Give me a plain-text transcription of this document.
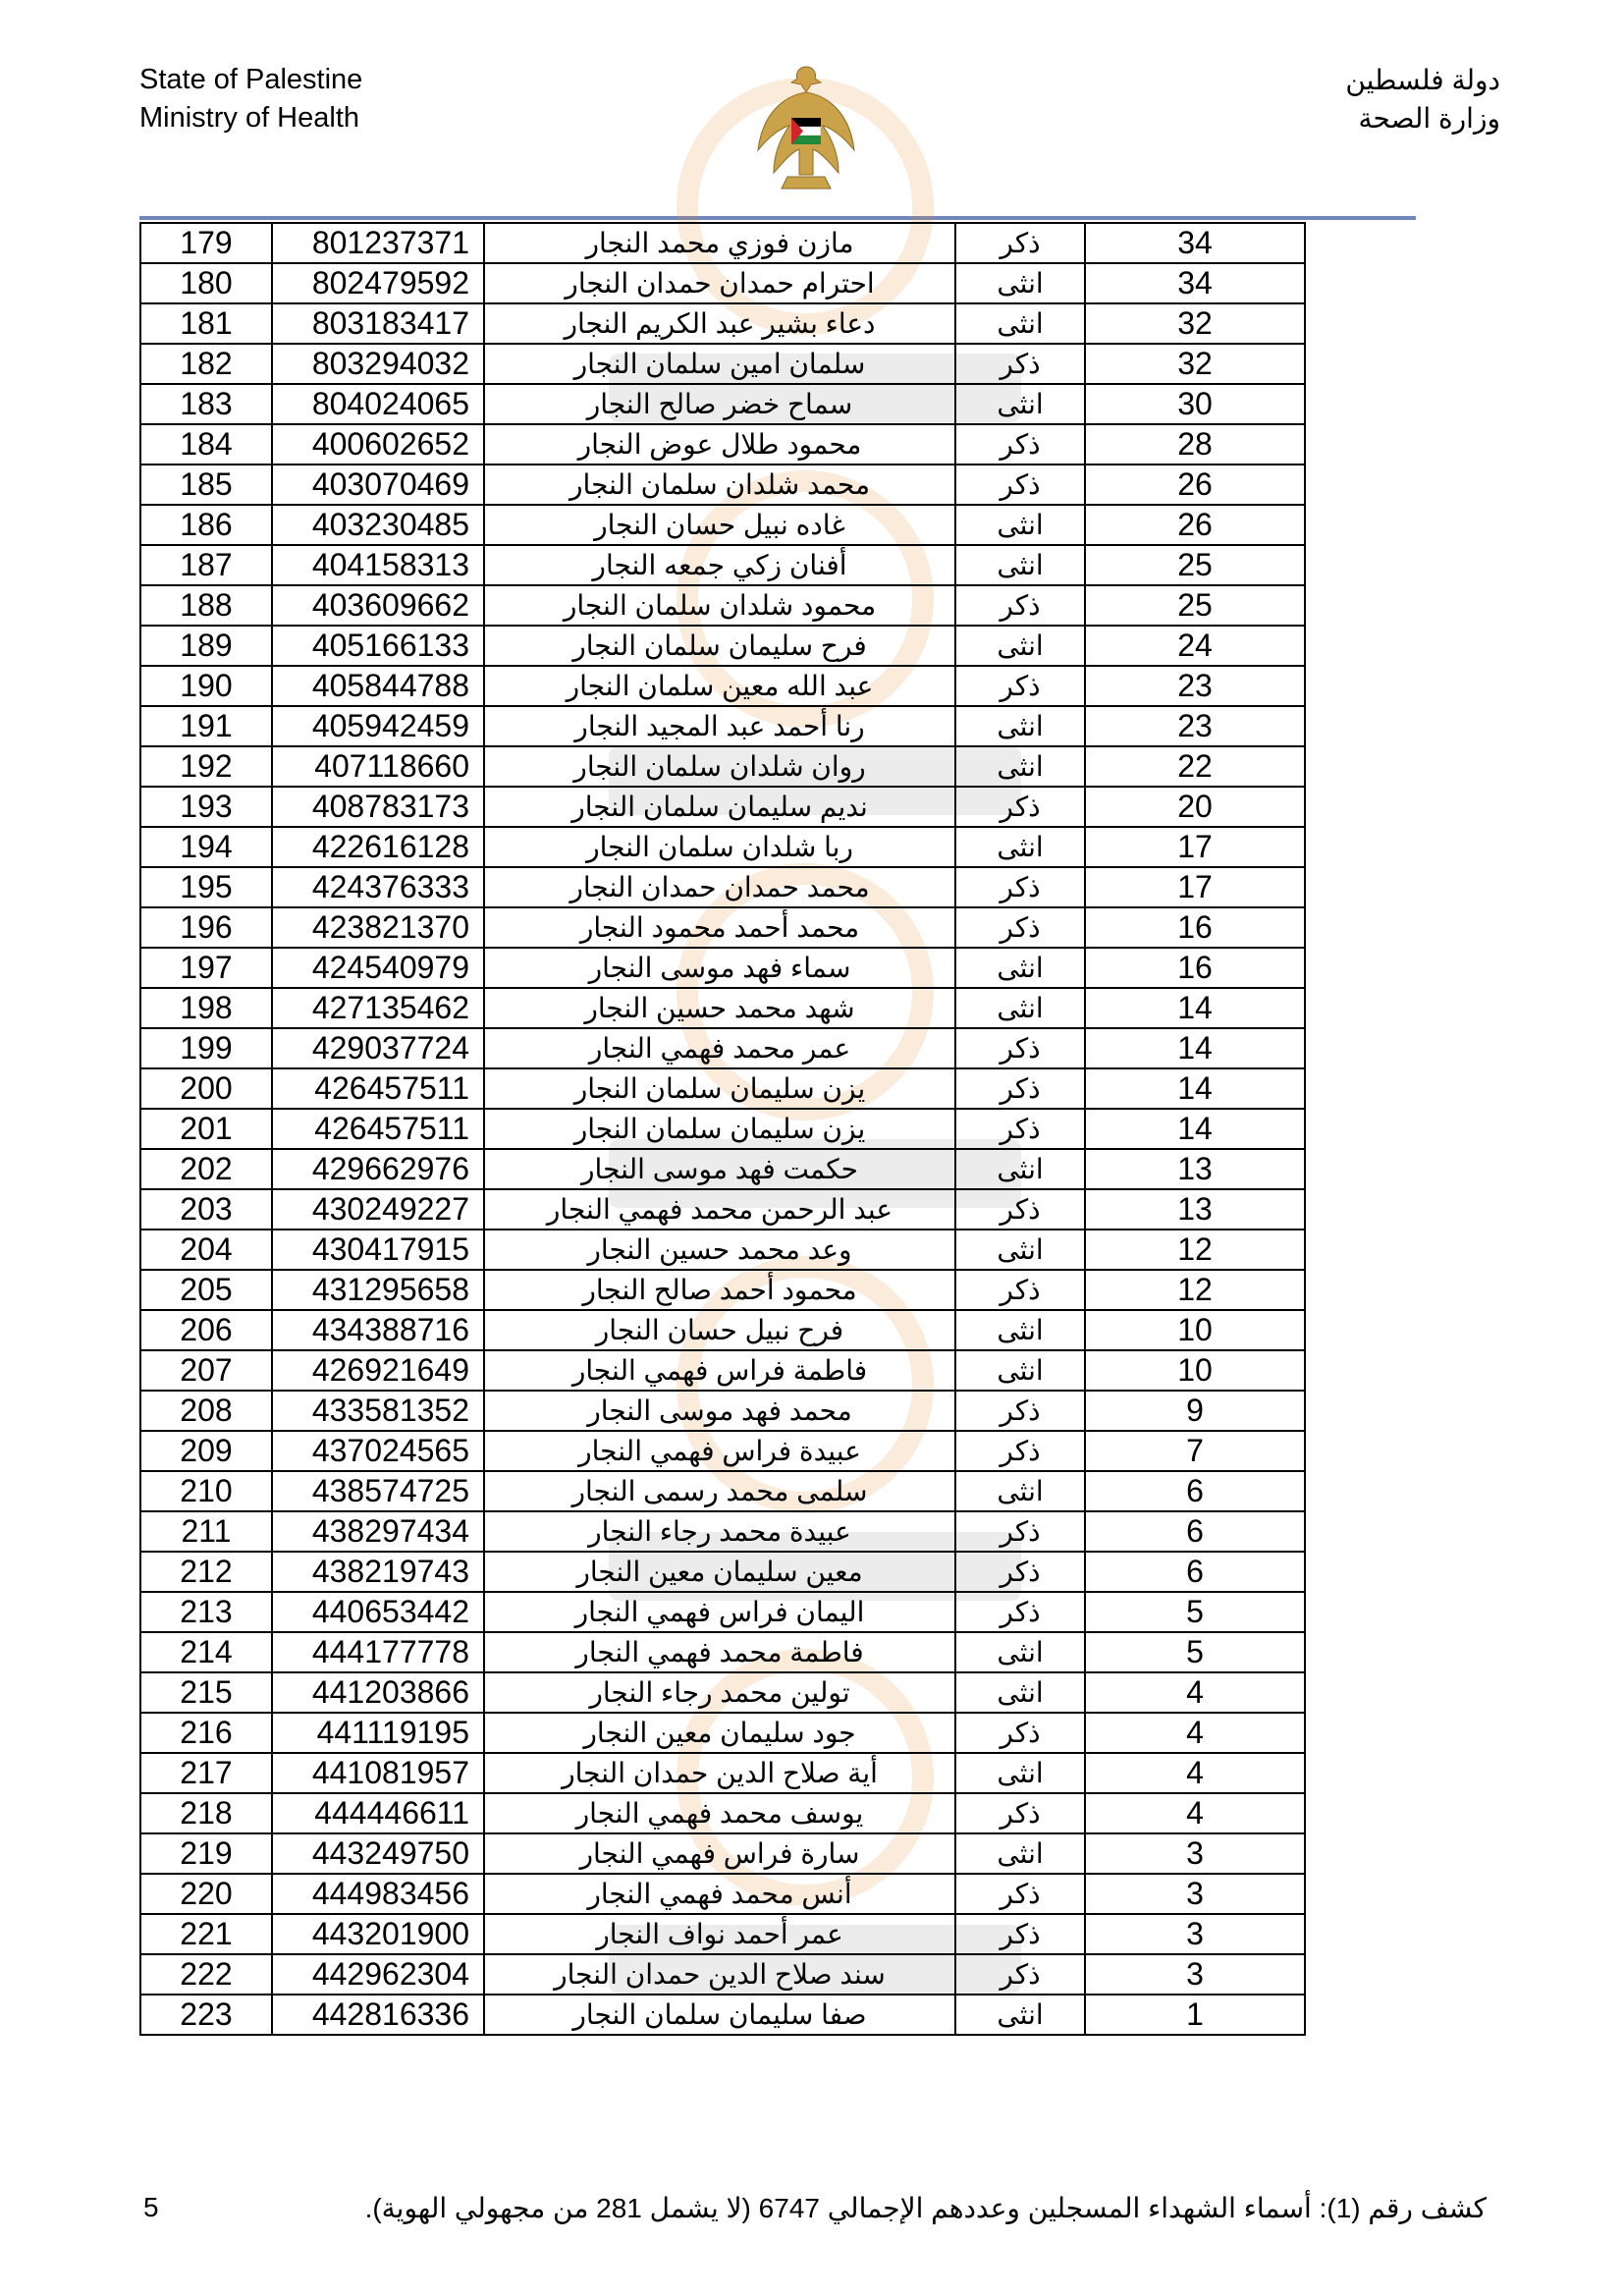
State of Palestine
Ministry of Health
دولة فلسطين
وزارة الصحة
179	801237371	مازن فوزي محمد النجار	ذكر	34
180	802479592	احترام حمدان حمدان النجار	انثى	34
181	803183417	دعاء بشير عبد الكريم النجار	انثى	32
182	803294032	سلمان امين سلمان النجار	ذكر	32
183	804024065	سماح خضر صالح النجار	انثى	30
184	400602652	محمود طلال عوض النجار	ذكر	28
185	403070469	محمد شلدان سلمان النجار	ذكر	26
186	403230485	غاده نبيل حسان النجار	انثى	26
187	404158313	أفنان زكي جمعه النجار	انثى	25
188	403609662	محمود شلدان سلمان النجار	ذكر	25
189	405166133	فرح سليمان سلمان النجار	انثى	24
190	405844788	عبد الله معين سلمان النجار	ذكر	23
191	405942459	رنا أحمد عبد المجيد النجار	انثى	23
192	407118660	روان شلدان سلمان النجار	انثى	22
193	408783173	نديم سليمان سلمان النجار	ذكر	20
194	422616128	ربا شلدان سلمان النجار	انثى	17
195	424376333	محمد حمدان حمدان النجار	ذكر	17
196	423821370	محمد أحمد محمود النجار	ذكر	16
197	424540979	سماء فهد موسى النجار	انثى	16
198	427135462	شهد محمد حسين النجار	انثى	14
199	429037724	عمر محمد فهمي النجار	ذكر	14
200	426457511	يزن سليمان سلمان النجار	ذكر	14
201	426457511	يزن سليمان سلمان النجار	ذكر	14
202	429662976	حكمت فهد موسى النجار	انثى	13
203	430249227	عبد الرحمن محمد فهمي النجار	ذكر	13
204	430417915	وعد محمد حسين النجار	انثى	12
205	431295658	محمود أحمد صالح النجار	ذكر	12
206	434388716	فرح نبيل حسان النجار	انثى	10
207	426921649	فاطمة فراس فهمي النجار	انثى	10
208	433581352	محمد فهد موسى النجار	ذكر	9
209	437024565	عبيدة فراس فهمي النجار	ذكر	7
210	438574725	سلمى محمد رسمى النجار	انثى	6
211	438297434	عبيدة محمد رجاء النجار	ذكر	6
212	438219743	معين سليمان معين النجار	ذكر	6
213	440653442	اليمان فراس فهمي النجار	ذكر	5
214	444177778	فاطمة محمد فهمي النجار	انثى	5
215	441203866	تولين محمد رجاء النجار	انثى	4
216	441119195	جود سليمان معين النجار	ذكر	4
217	441081957	أية صلاح الدين حمدان النجار	انثى	4
218	444446611	يوسف محمد فهمي النجار	ذكر	4
219	443249750	سارة فراس فهمي النجار	انثى	3
220	444983456	أنس محمد فهمي النجار	ذكر	3
221	443201900	عمر أحمد نواف النجار	ذكر	3
222	442962304	سند صلاح الدين حمدان النجار	ذكر	3
223	442816336	صفا سليمان سلمان النجار	انثى	1
كشف رقم (1): أسماء الشهداء المسجلين وعددهم الإجمالي 6747 (لا يشمل 281 من مجهولي الهوية).
5
